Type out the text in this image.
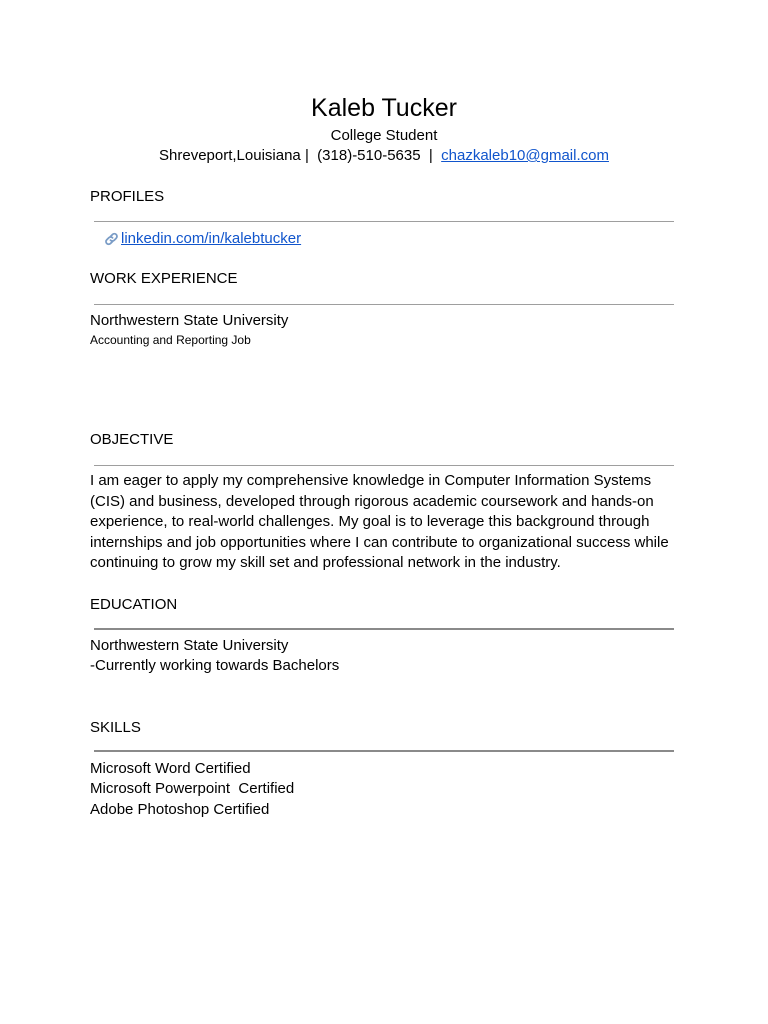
Kaleb Tucker
College Student
Shreveport,Louisiana |  (318)-510-5635  |  chazkaleb10@gmail.com
PROFILES
linkedin.com/in/kalebtucker
WORK EXPERIENCE
Northwestern State University
Accounting and Reporting Job
OBJECTIVE
I am eager to apply my comprehensive knowledge in Computer Information Systems (CIS) and business, developed through rigorous academic coursework and hands-on experience, to real-world challenges. My goal is to leverage this background through internships and job opportunities where I can contribute to organizational success while continuing to grow my skill set and professional network in the industry.
EDUCATION
Northwestern State University
-Currently working towards Bachelors
SKILLS
Microsoft Word Certified
Microsoft Powerpoint  Certified
Adobe Photoshop Certified
